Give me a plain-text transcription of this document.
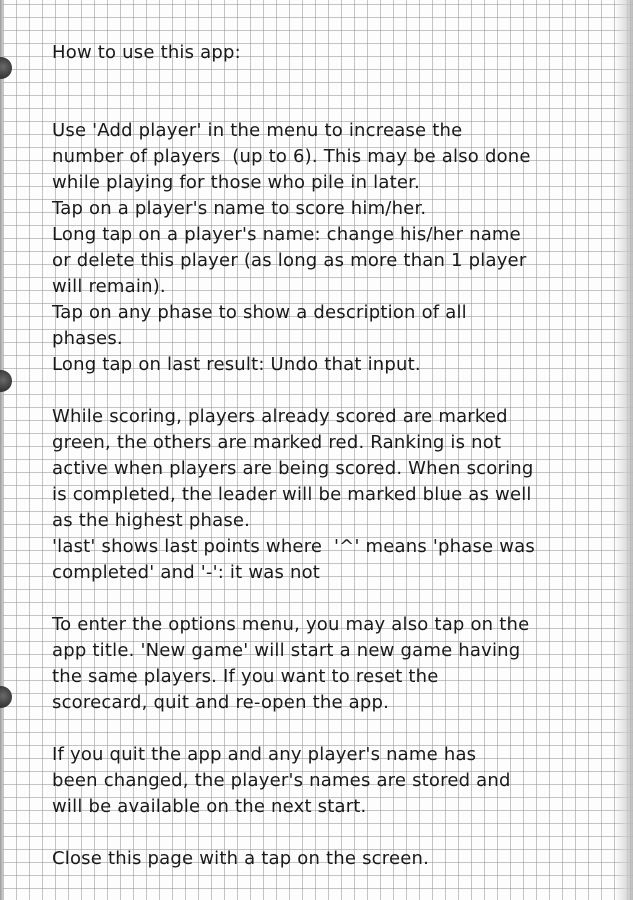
How to use this app:
Use 'Add player' in the menu to increase the
number of players  (up to 6). This may be also done
while playing for those who pile in later.
Tap on a player's name to score him/her.
Long tap on a player's name: change his/her name
or delete this player (as long as more than 1 player
will remain).
Tap on any phase to show a description of all
phases.
Long tap on last result: Undo that input.
While scoring, players already scored are marked
green, the others are marked red. Ranking is not
active when players are being scored. When scoring
is completed, the leader will be marked blue as well
as the highest phase.
'last' shows last points where  '^' means 'phase was
completed' and '-': it was not
To enter the options menu, you may also tap on the
app title. 'New game' will start a new game having
the same players. If you want to reset the
scorecard, quit and re-open the app.
If you quit the app and any player's name has
been changed, the player's names are stored and
will be available on the next start.
Close this page with a tap on the screen.
